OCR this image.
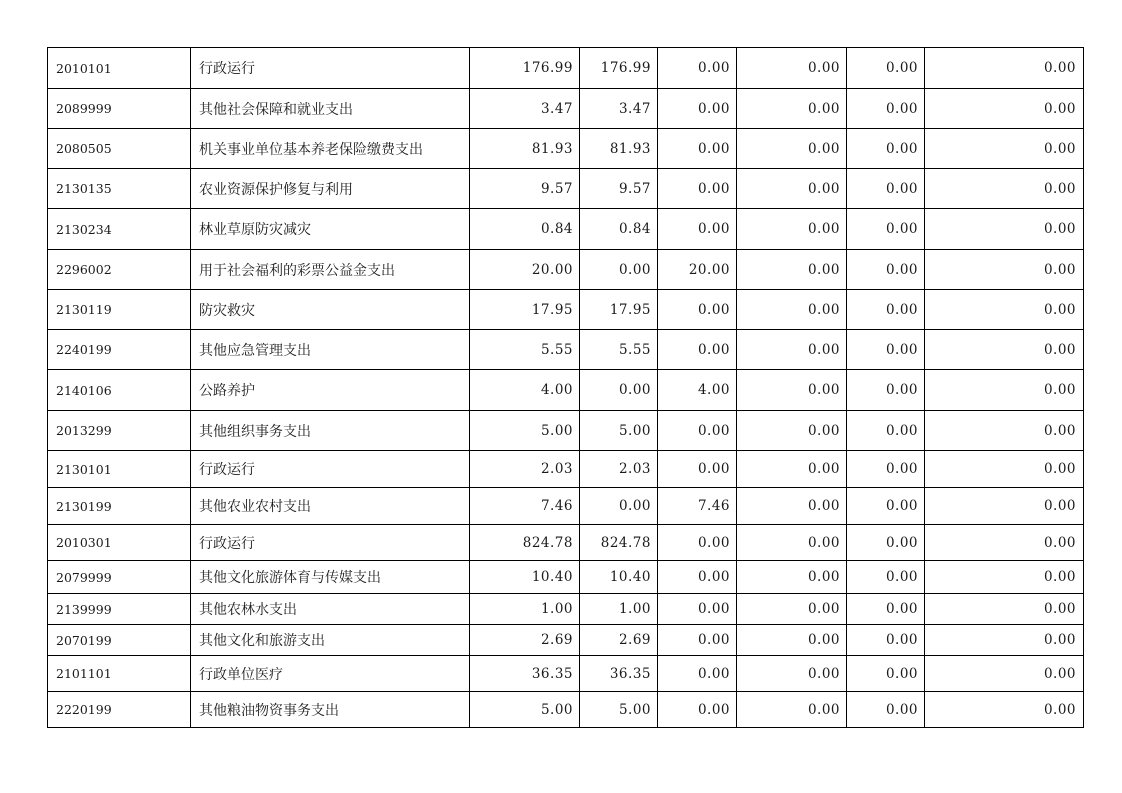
2010101	行政运行	176.99	176.99	0.00	0.00	0.00	0.00
2089999	其他社会保障和就业支出	3.47	3.47	0.00	0.00	0.00	0.00
2080505	机关事业单位基本养老保险缴费支出	81.93	81.93	0.00	0.00	0.00	0.00
2130135	农业资源保护修复与利用	9.57	9.57	0.00	0.00	0.00	0.00
2130234	林业草原防灾减灾	0.84	0.84	0.00	0.00	0.00	0.00
2296002	用于社会福利的彩票公益金支出	20.00	0.00	20.00	0.00	0.00	0.00
2130119	防灾救灾	17.95	17.95	0.00	0.00	0.00	0.00
2240199	其他应急管理支出	5.55	5.55	0.00	0.00	0.00	0.00
2140106	公路养护	4.00	0.00	4.00	0.00	0.00	0.00
2013299	其他组织事务支出	5.00	5.00	0.00	0.00	0.00	0.00
2130101	行政运行	2.03	2.03	0.00	0.00	0.00	0.00
2130199	其他农业农村支出	7.46	0.00	7.46	0.00	0.00	0.00
2010301	行政运行	824.78	824.78	0.00	0.00	0.00	0.00
2079999	其他文化旅游体育与传媒支出	10.40	10.40	0.00	0.00	0.00	0.00
2139999	其他农林水支出	1.00	1.00	0.00	0.00	0.00	0.00
2070199	其他文化和旅游支出	2.69	2.69	0.00	0.00	0.00	0.00
2101101	行政单位医疗	36.35	36.35	0.00	0.00	0.00	0.00
2220199	其他粮油物资事务支出	5.00	5.00	0.00	0.00	0.00	0.00
